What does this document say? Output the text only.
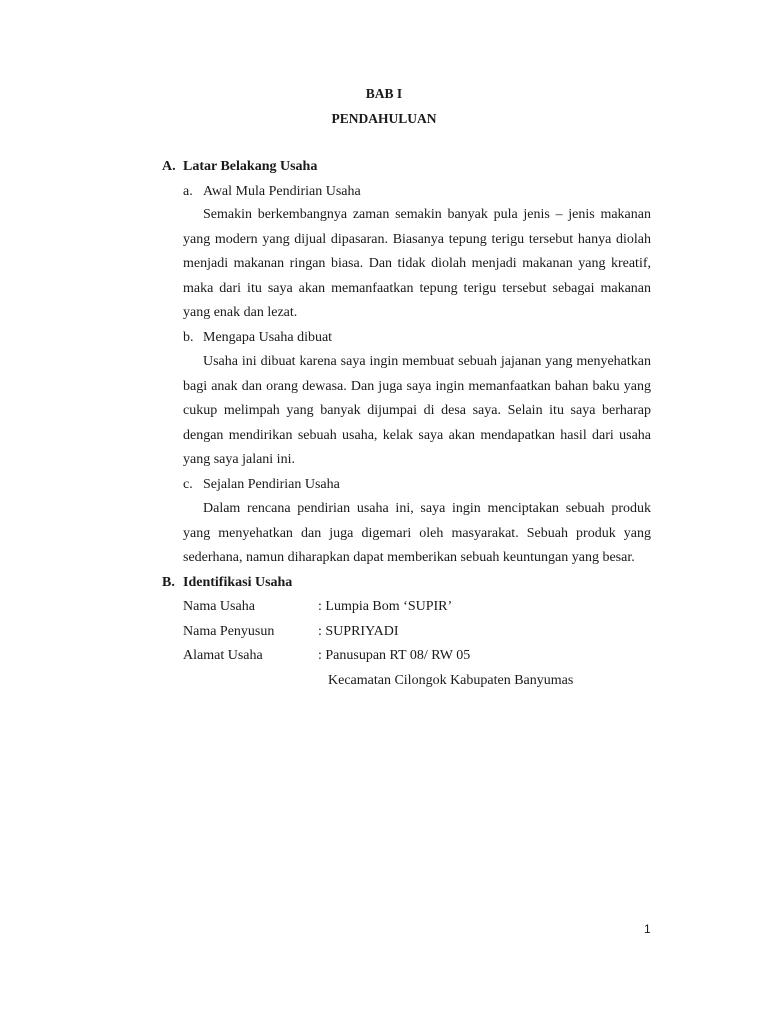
BAB I
PENDAHULUAN
A. Latar Belakang Usaha
a. Awal Mula Pendirian Usaha

Semakin berkembangnya zaman semakin banyak pula jenis – jenis makanan yang modern yang dijual dipasaran. Biasanya tepung terigu tersebut hanya diolah menjadi makanan ringan biasa. Dan tidak diolah menjadi makanan yang kreatif, maka dari itu saya akan memanfaatkan tepung terigu tersebut sebagai makanan yang enak dan lezat.

b. Mengapa Usaha dibuat

Usaha ini dibuat karena saya ingin membuat sebuah jajanan yang menyehatkan bagi anak dan orang dewasa. Dan juga saya ingin memanfaatkan bahan baku yang cukup melimpah yang banyak dijumpai di desa saya. Selain itu saya berharap dengan mendirikan sebuah usaha, kelak saya akan mendapatkan hasil dari usaha yang saya jalani ini.

c. Sejalan Pendirian Usaha

Dalam rencana pendirian usaha ini, saya ingin menciptakan sebuah produk yang menyehatkan dan juga digemari oleh masyarakat. Sebuah produk yang sederhana, namun diharapkan dapat memberikan sebuah keuntungan yang besar.

B. Identifikasi Usaha
Nama Usaha	: Lumpia Bom ‘SUPIR’
Nama Penyusun	: SUPRIYADI
Alamat Usaha	: Panusupan RT 08/ RW 05
Kecamatan Cilongok Kabupaten Banyumas
1
